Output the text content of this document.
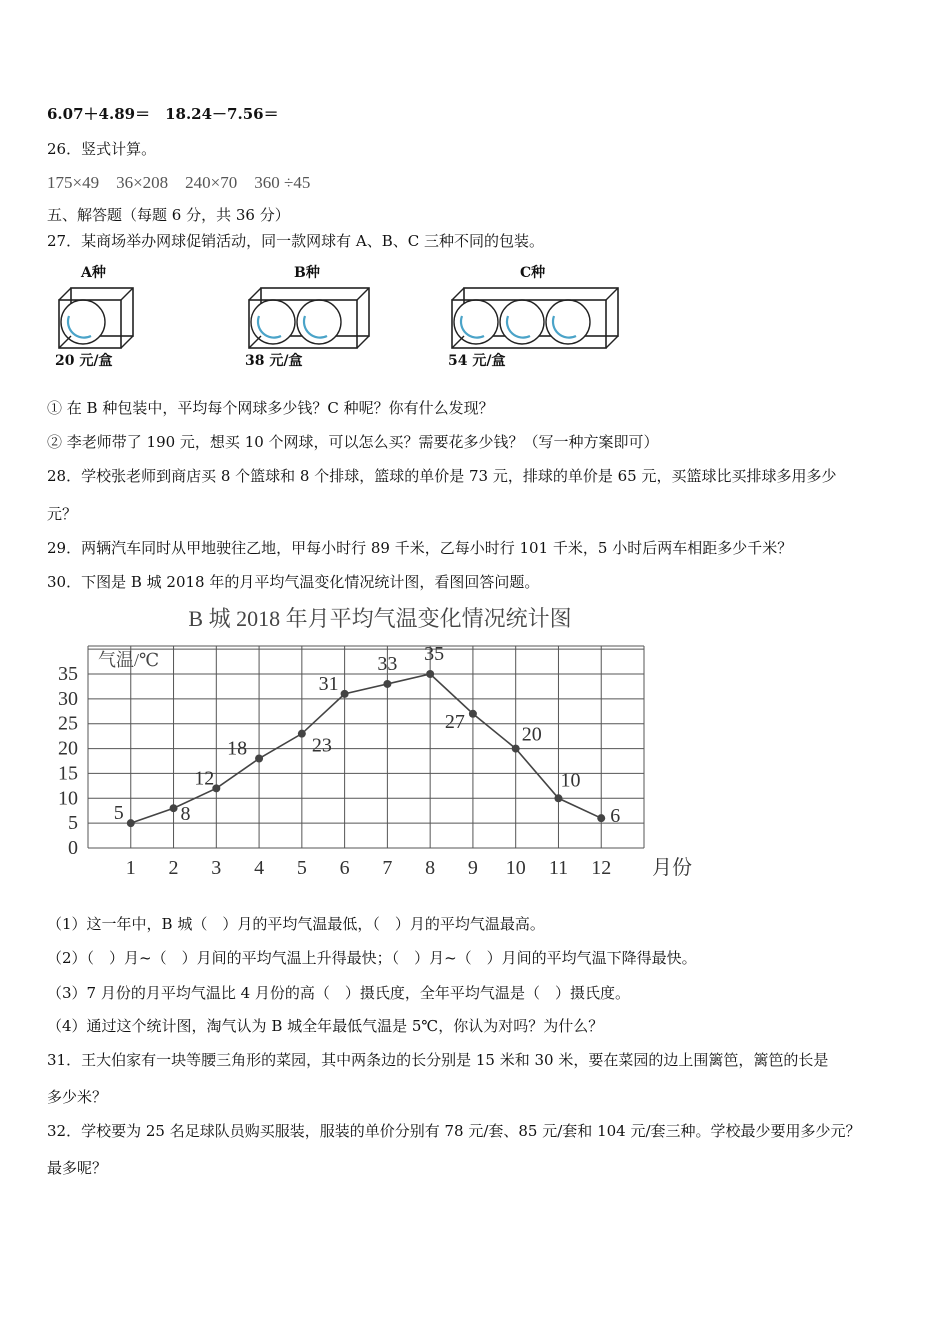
6.07＋4.89＝　18.24－7.56＝
26．竖式计算。
175×49　36×208　240×70　360 ÷45
五、解答题（每题 6 分，共 36 分）
27．某商场举办网球促销活动，同一款网球有 A、B、C 三种不同的包装。
A种
20 元/盒
B种
38 元/盒
C种
54 元/盒
① 在 B 种包装中，平均每个网球多少钱？C 种呢？你有什么发现？
② 李老师带了 190 元，想买 10 个网球，可以怎么买？需要花多少钱？（写一种方案即可）
28．学校张老师到商店买 8 个篮球和 8 个排球，篮球的单价是 73 元，排球的单价是 65 元，买篮球比买排球多用多少
元？
29．两辆汽车同时从甲地驶往乙地，甲每小时行 89 千米，乙每小时行 101 千米，5 小时后两车相距多少千米？
30．下图是 B 城 2018 年的月平均气温变化情况统计图，看图回答问题。
B 城 2018 年月平均气温变化情况统计图
气温/℃
0
5
10
15
20
25
30
35
1 2 3 4 5 6 7 8 9 10 11 12 月份
5	8
12
18	23
31
33 35
27
20
10
6
（1）这一年中，B 城（　）月的平均气温最低，（　）月的平均气温最高。
（2）（　）月~（　）月间的平均气温上升得最快；（　）月~（　）月间的平均气温下降得最快。
（3）7 月份的月平均气温比 4 月份的高（　）摄氏度，全年平均气温是（　）摄氏度。
（4）通过这个统计图，淘气认为 B 城全年最低气温是 5℃，你认为对吗？为什么？
31．王大伯家有一块等腰三角形的菜园，其中两条边的长分别是 15 米和 30 米，要在菜园的边上围篱笆，篱笆的长是
多少米？
32．学校要为 25 名足球队员购买服装，服装的单价分别有 78 元/套、85 元/套和 104 元/套三种。学校最少要用多少元？
最多呢？
